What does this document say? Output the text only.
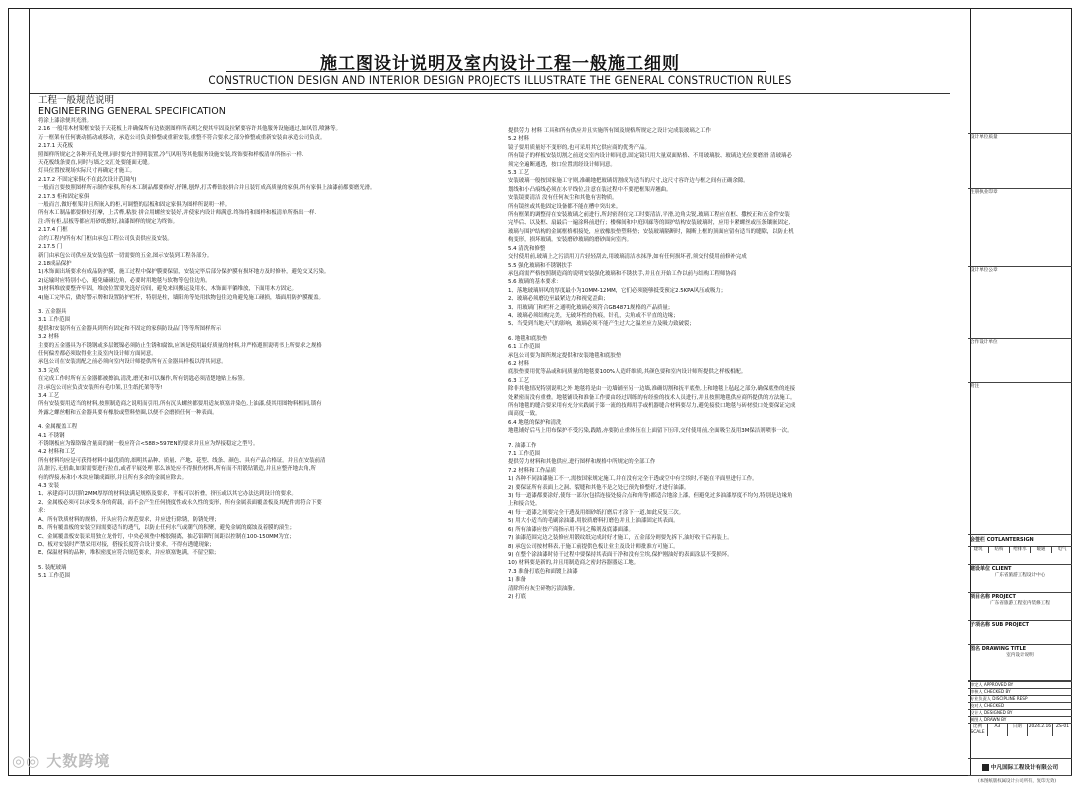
施工图设计说明及室内设计工程一般施工细则
CONSTRUCTION DESIGN AND INTERIOR DESIGN PROJECTS ILLUSTRATE THE GENERAL CONSTRUCTION RULES
工程一般规范说明
ENGINEERING GENERAL SPECIFICATION
将涂上漆涂便其光滑。
2.16 一般用木材架框安装于天花板上并确保所有边依据图样所表明之便其牢固及拉紧要容许其他服务设施通过,如风管,喷淋等。
万一框架有任何裹动摇动或移动，承造公司负责修整或重新安装,重整不符合要求之部分修整或重新安装由承造公司负责。
2.17.1 天花板
照图样所规定之各种开孔处理,同时要允许照明装置,冷气风咀等其他服务设施安装,终饰要和样板清单所指示一样.
天花板线条要直,同时与墙之交汇处要能面无缝。
灯具位置按现场实际尺寸再确定才施工。
2.17.2 不固定家俱(不在此次设计范围内)
一般而言要按照图样所示制作家俱,所有木工制品都要修好,抒锤,刨焊,打舌榫钻胶拼合并且装钉成高质量的家俱,所有家俱上油漆前都要磨光滑。
2.17.3 柜和固定家俱
一般而言,做好框架并且所嵌入的柜,可调整的层板和固定家俱为图样所说明一样。
所有木工制品都要修好打摩，上舌榫,粘胶 拼合用螺丝安装好,并使家内设计师满意.终饰将和图样和板清单所指出一样.
注:所有柜,层板等都应用砂纸擦好,油漆图样的规定为终饰。
2.17.4 门框
合约工程内所有木门框由承包工程公司负责供应及安装。
2.17.5 门
新门由承包公司供应及安装包括一切需要的五金,图示安装到工程各部分。
2.18成品保护
1)木饰面出场要求有成品防护膜，施工过程中保护膜要保留，安装完毕后部分保护膜有损坏地方及时修补，避免交叉污染。
2)运输时应特别小心，避免磕碰边角，必要时用地毯与软物等包住边角。
3)材料堆放要整齐牢固，堆放位置要先选好房间，避免来回搬运及用水，木饰面平躺堆放，下面用木方固定。
4)施工完毕后，做好警示牌和设置防护栏杆，特别是柱，墙阳角等处用软物包住边角避免施工碰损，墙面用防护膜覆盖。
3. 五金器具
3.1 工作范围
提供和安装所有五金器具到所有固定和不固定的家俱防设品门等等所图样所示
3.2 材料
主要的五金器具为不锈钢或多层镀镍必须防止生锈和腐蚀,应该是使用最好质量的材料,并严格遵照说明书上所要求之规格
任何偏差都必须取得业主及室内设计师方面同意。
承包公司在安装需配之前必须向室内设计师提供所有五金器具样板以得其同意。
3.3 完成
在完成工作时所有五金器都被擦油,清洗,磨光和可以操作,所有钥匙必须清楚地贴上标签。
注:承包公司应负责安装所有毛巾架,卫生纸托架等等!
3.4 工艺
所有安装要用适当的材料,按照制造商之说明而引用,所有沉头螺丝都要用适灰填塞并染色,上油漆,使其用图物料相同,锁有
外露之螺丝帽和五金器具要有橡胶或塑料垫圈,以便不会磨损任何一种表面。
4. 金属覆盖工程
4.1 不锈钢
不锈钢板应为镍铬镍含量高的耐一般应符合<588>597EN的要求并且应为焊接稳定之型号。
4.2 材料和工艺
所有材料均应是可获得材料中最优质的,细明其品种、质量、产地、花型、线条、颜色、具有产品合格证。并且在安装前清
洁,脏污,无扭曲,如果需要进行拉直,或者平展处理 那么该处应不得损伤材料,所有而不用锻钻锻造,并且应整齐地去角,所
有的焊接,标和小木块应镶成圆形,并且所有多余的金属应除去。
4.3 安装
1、承建商可以用阶2MM厚厚的材料法满足规格及要求，平板可以折叠，挤压或以其它办法达到设计的要求。
2、金属板必须可以承受本身的荷载，而不会产生任何挠度性或永久性的变形，所有金属表面覆盖板及其配件需符合下要
求：
A、所有铁质材料的规格，开头应符合规范要求，并应进行除锈，防锈处理；
B、所有覆盖板的安装空间需要适当的透气，以防止任何水气或潮气的积聚，避免金属的腐蚀及着膜的滚生；
C、金属覆盖板安装采用独立龙骨钉，中央必须垫中橡胶隔离，抽芯铝铆钉间距以控制在100-150MM为宜；
D、板对安装时严禁采用对接，搭接长度符合设计要求，不得有透缝现象；
E、保温材料的品种，堆积密度应符合规范要求，并应填塞饱满，不留空隙；
5. 装配玻璃
5.1 工作范围
提供劳力 材料 工具和所有供应并且实施所有图及规格所规定之设计完成装玻璃之工作
5.2 材料
镜子要用质量好不变形的,也可采用其它供应商的优秀产品。
所有镜子的样板安装切割之前送交室内设计师同意,固定镜只用大量双面贴格、不用玻璃胶、玻璃边光位要磨滑 清玻璃必
须完全遍断通透，按口位置需经设计师同意。
5.3 工艺
安装玻璃一般按国家施工守则,准确地把玻璃切割成为适当的尺寸,这尺寸容许边与框之间有正确余隙。
划线和小凸痕线必须在水平线位,注意在装过程中不要把框架弄翘曲。
安装镜要清洁 没有任何灰尘和其他有害物质。
所有镜丝或其他固定设备都不能在槽中突出来。
所有框架的调整待在安装玻璃之前进行,所封密剂在完工时要清洁,平滑,边角尖锐,玻璃工程应在框、撒校正和五金件安装
完毕后、以及框、扇最后一遍涂料前进行；楼梯间和中庭回廊等的围护结构安装玻璃时，应用卡紧螺丝或压条镶嵌固定,
玻璃与围护结构的金属框格相接处，应放橡胶垫塑料垫；安装玻璃隔断时，隔断上框的顶面应留有适当的缝隙，以防止机
构变形，损坏玻璃。安装磨砂玻璃的磨砂面向室内。
5.4 清洗和修整
交付使用前,玻璃上之污渍用刀片轻轻刮去,用玻璃清洁水抹净,如有任何损坏者,须交付使用前修补完成
5.5 强化玻璃和不锈钢扶手
承包商需严格按照制造商的说明安装强化玻璃和不锈扶手,并且在开始工作以前与结构工程师协商
5.6 玻璃的基本要求：
1、落地玻璃屏风的厚度最小为10MM-12MM，它们必须能够抵受预定2.5KPA风压或吸力；
2、玻璃必须磨边至最紧边力和视觉歪曲；
3、用玻璃门和栏杆之通明化玻璃必须符合GB4871规格的产品质量；
4、玻璃必须结构完美，无破坏性的伤痕，针孔，尖角或不平直的边缘；
5、当受到当地天气的影响，玻璃必须不能产生过大之温差应力及吸力致破裂；
6. 地毯和底胶垫
6.1 工作范围
承包公司要为图所规定提供和安装地毯和底胶垫
6.2 材料
底胶垫要用优等品或和同质量的地毯要100%人造纤维质,其颜色要和室内设计师所提供之样板相配。
6.3 工艺
除非其他情况特别说明之外 地毯将是由一边墙铺至另一边墙,准确切割和抚平底垫,上和地毯上毡起之部分,确保底垫的连接
处紧密而没有重叠。地毯铺设和准备工作要由经过训练的有经验的技术人员进行,并且按照地毯供应商所提供的方法施工。
所有地毯的缝合要采用有充分实践属于第一流的技师用手或机器缝合材料要尽力,避免接驳口地毯与砖材驳口处要保证完成
面高度一致。
6.4 地毯的保护和清洗
地毯铺好后马上用布保护不受污染,践踏,亦要防止重体压在上面留下压印,交付使用前,全面吸尘及用3M保洁剂喷事一次。
7. 油漆工作
7.1 工作范围
提供劳力材料和其他供应,进行图样和规格中所规定的全部工作
7.2 材料和工作品质
1) 各种不同油漆施工不一,需按国家规定施工,并在没有完全干透或空中有尘埃时,不能在平面里进行工作。
2) 要保证所有表面上之洞、裂缝和其他不是之处已预先修整好,才进行油漆。
3) 每一道漆都要涂好,使每一部分(包括连接处接合点和角等)都适合地涂上漆，但避免过多油漆厚度不均匀,特别是边缘角
上和接合处。
4) 每一道漆之间要完全干透及用细砂纸打磨后才涂下一道,如此反复三次。
5) 用大小适当的毛刷涂油漆,用胶质磨料打磨色并且上油漆固定其表面。
6) 所有油漆应按产商指示用不同之稀剂及底漆面漆。
7) 油漆范围完边之装修应用锻纹纸完成封好才施工，五金部分则要先拆下,油好收干后再装上。
8) 承包公司按材料表,于施工前提供色板让业主及设计师批准方可施工。
9) 在整个涂油漆时待干过程中要保持其表面干净和没有尘埃,保护刚油好的表面涂层不受损坏。
10) 材料要是新的,并且用制造商之密封容器器运工地。
7.3 准备打底色和面镀上油漆
1) 准备
清除所有灰尘碎物污渍油脂。
2) 打底
设计单位质量
注册执业印章
设计单位公章
合作设计单位
附注
会签栏 COTLANTERSIGN
建筑	结构	给排水	暖通	电气
建设单位 CLIENT

广东省旅游工程设计中心
项目名称 PROJECT

广东省旅游工程室内装修工程
子项名称 SUB PROJECT
图名 DRAWING TITLE

室内设计说明
审定人 APPROVED BY
审核人 CHECKED BY
专业负责人 DISCIPLINE RESP
校对人 CHECKED
设计人 DESIGNED BY
制图人 DRAWN BY
比例 SCALE
A3	日期	2024.2.16	ZS-01
中凡国际工程设计有限公司
(本图纸版权属设计公司所有，复印无效)
◎◎ 大数跨境
